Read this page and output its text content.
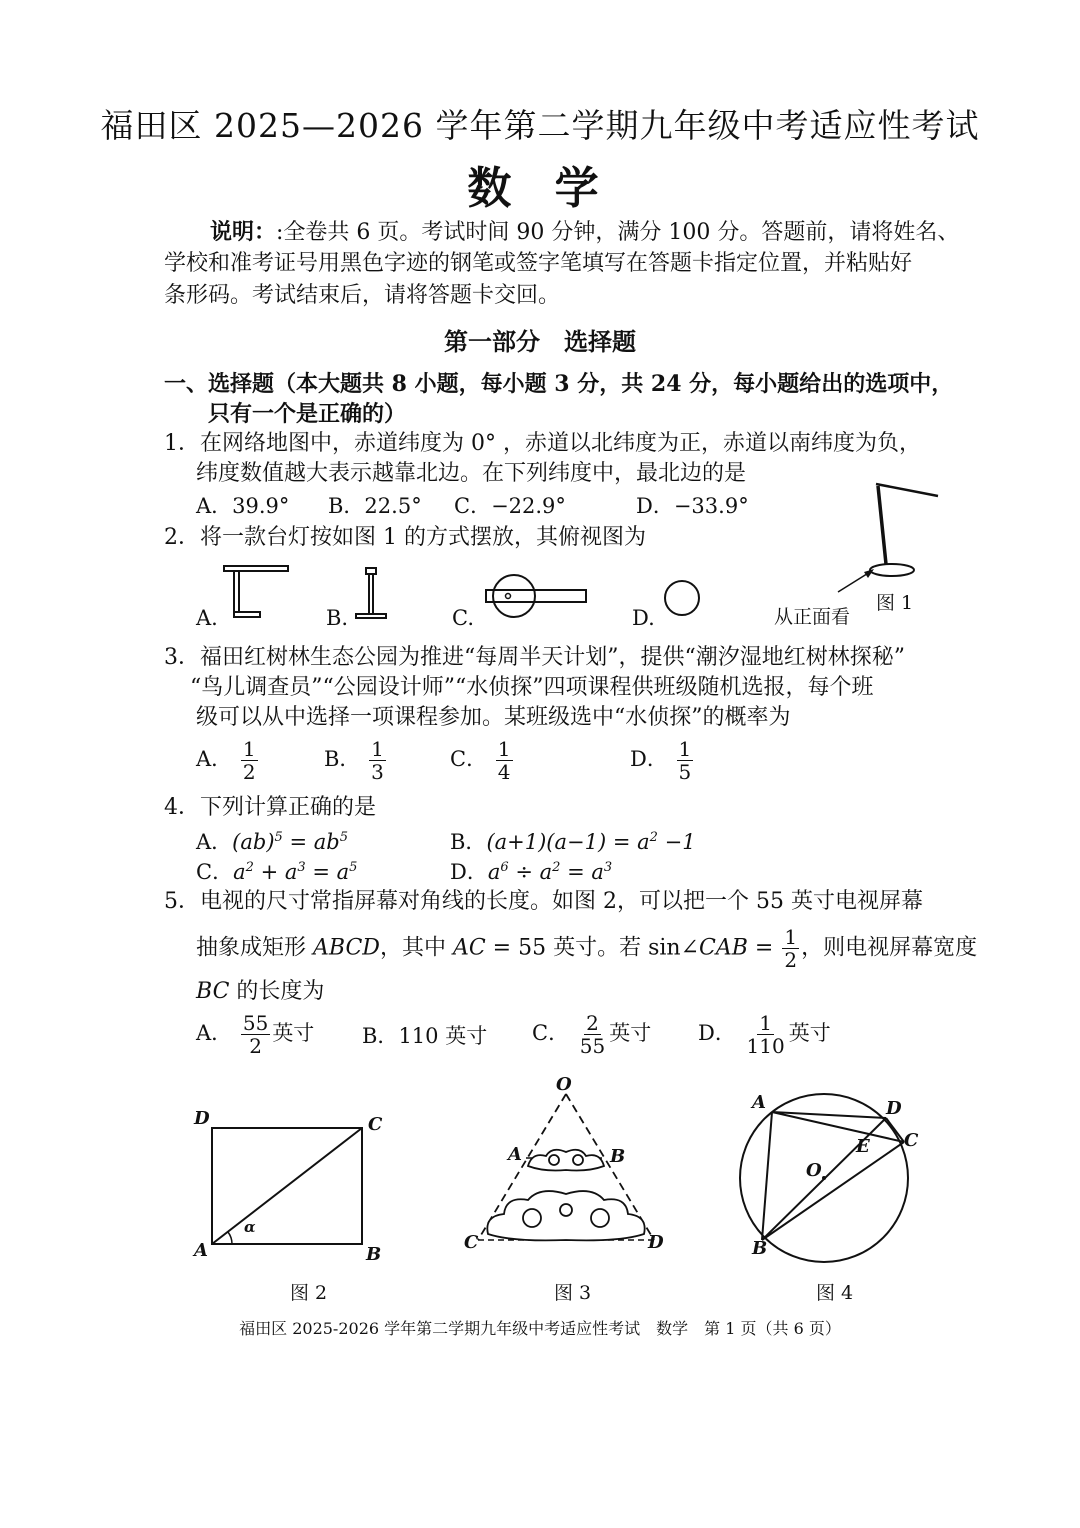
福田区 2025—2026 学年第二学期九年级中考适应性考试
数 学
说明：:全卷共 6 页。考试时间 90 分钟，满分 100 分。答题前，请将姓名、
学校和准考证号用黑色字迹的钢笔或签字笔填写在答题卡指定位置，并粘贴好
条形码。考试结束后，请将答题卡交回。
第一部分　选择题
一、选择题（本大题共 8 小题，每小题 3 分，共 24 分，每小题给出的选项中，
只有一个是正确的）
1．在网络地图中，赤道纬度为 0° ，赤道以北纬度为正，赤道以南纬度为负，
纬度数值越大表示越靠北边。在下列纬度中，最北边的是
A．39.9° B．22.5° C．−22.9°	D．−33.9°
2．将一款台灯按如图 1 的方式摆放，其俯视图为
从正面看
图 1
A.	B.	C.	D.
3．福田红树林生态公园为推进“每周半天计划”，提供“潮汐湿地红树林探秘”
“鸟儿调查员”“公园设计师”“水侦探”四项课程供班级随机选报，每个班
级可以从中选择一项课程参加。某班级选中“水侦探”的概率为
A． $\frac{1}{2}$	B． $\frac{1}{3}$	C． $\frac{1}{4}$	D． $\frac{1}{5}$
4．下列计算正确的是
A．$(ab)^5 = ab^5$	B．$(a+1)(a-1) = a^2 -1$
C．$a^2 + a^3 = a^5$	D．$a^6 \div a^2 = a^3$
5．电视的尺寸常指屏幕对角线的长度。如图 2，可以把一个 55 英寸电视屏幕
抽象成矩形 ABCD，其中 AC = 55 英寸。若 sin∠CAB = $\frac{1}{2}$ ，则电视屏幕宽度
BC 的长度为
A． $\frac{55}{2}$ 英寸 B．110 英寸 C． $\frac{2}{55}$ 英寸 D． $\frac{1}{110}$ 英寸
D	C
A	B
α
图 2
O
A	B
C	D
图 3
A	D
C
E
O
B
图 4
福田区 2025-2026 学年第二学期九年级中考适应性考试　数学　第 1 页（共 6 页）
